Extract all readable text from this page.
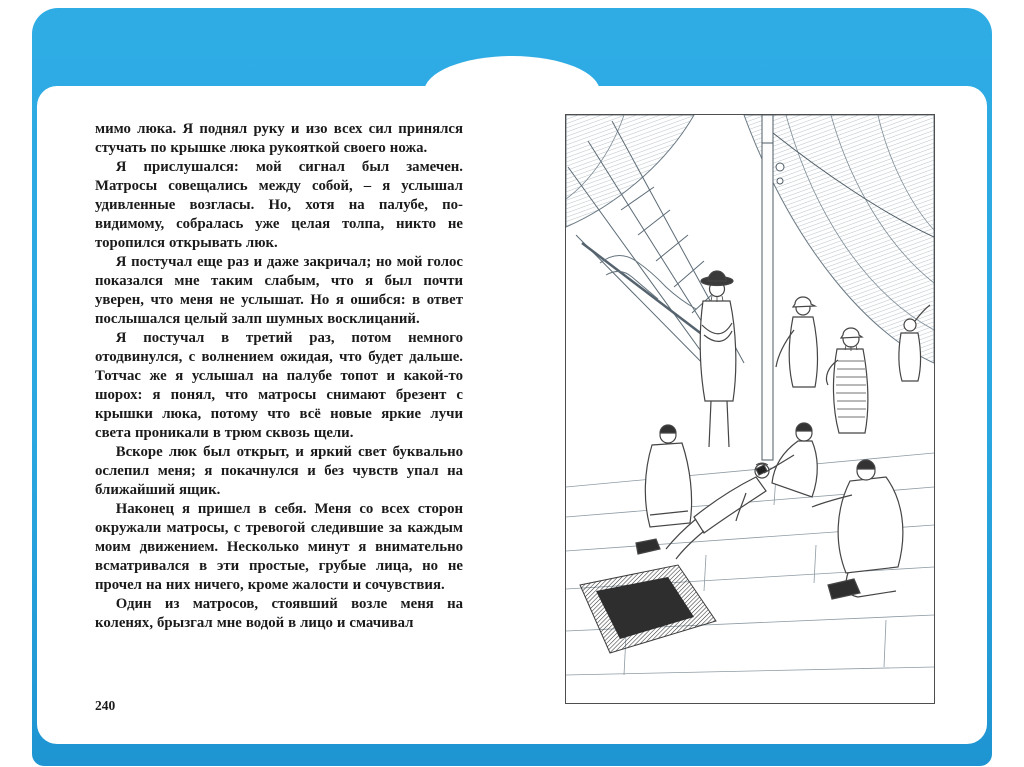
мимо люка. Я поднял руку и изо всех сил принялся стучать по крышке люка рукояткой своего ножа.

Я прислушался: мой сигнал был замечен. Матросы совещались между собой, – я услышал удивленные возгласы. Но, хотя на палубе, по-видимому, собралась уже целая толпа, никто не торопился открывать люк.

Я постучал еще раз и даже закричал; но мой голос показался мне таким слабым, что я был почти уверен, что меня не услышат. Но я ошибся: в ответ послышался целый залп шумных восклицаний.

Я постучал в третий раз, потом немного отодвинулся, с волнением ожидая, что будет дальше. Тотчас же я услышал на палубе топот и какой-то шорох: я понял, что матросы снимают брезент с крышки люка, потому что всё новые яркие лучи света проникали в трюм сквозь щели.

Вскоре люк был открыт, и яркий свет буквально ослепил меня; я покачнулся и без чувств упал на ближайший ящик.

Наконец я пришел в себя. Меня со всех сторон окружали матросы, с тревогой следившие за каждым моим движением. Несколько минут я внимательно всматривался в эти простые, грубые лица, но не прочел на них ничего, кроме жалости и сочувствия.

Один из матросов, стоявший возле меня на коленях, брызгал мне водой в лицо и смачивал

240
